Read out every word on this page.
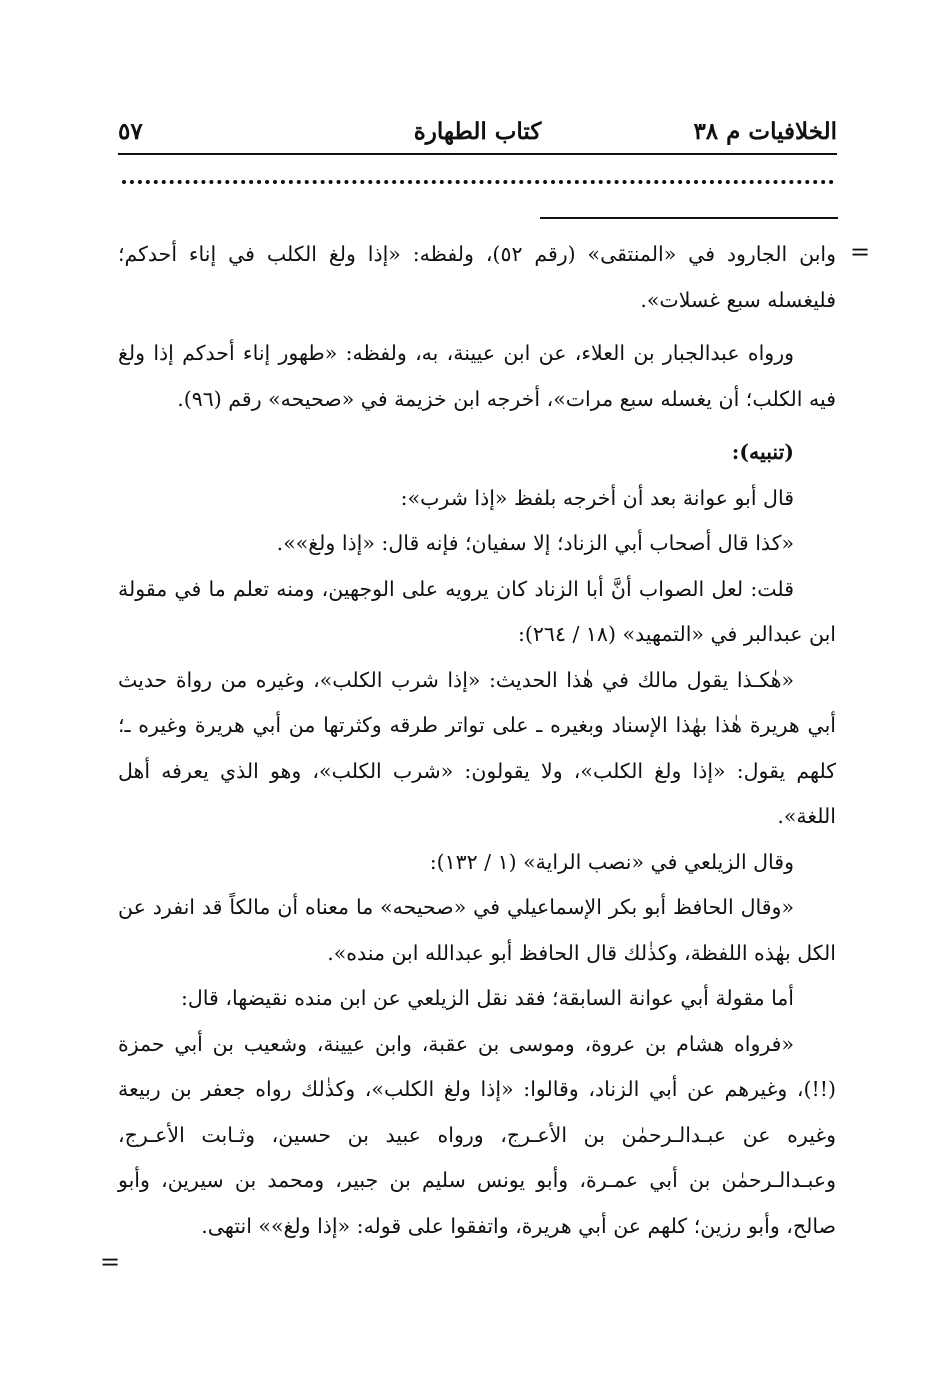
الخلافيات م ٣٨
كتاب الطهارة
٥٧
=

وابن الجارود في «المنتقى» (رقم ٥٢)، ولفظه: «إذا ولغ الكلب في إناء أحدكم؛ فليغسله سبع غسلات».

ورواه عبدالجبار بن العلاء، عن ابن عيينة، به، ولفظه: «طهور إناء أحدكم إذا ولغ فيه الكلب؛ أن يغسله سبع مرات»، أخرجه ابن خزيمة في «صحيحه» رقم (٩٦).

(تنبيه):

قال أبو عوانة بعد أن أخرجه بلفظ «إذا شرب»:

«كذا قال أصحاب أبي الزناد؛ إلا سفيان؛ فإنه قال: «إذا ولغ»».

قلت: لعل الصواب أنَّ أبا الزناد كان يرويه على الوجهين، ومنه تعلم ما في مقولة ابن عبدالبر في «التمهيد» (١٨ / ٢٦٤):

«هٰكـذا يقول مالك في هٰذا الحديث: «إذا شرب الكلب»، وغيره من رواة حديث أبي هريرة هٰذا بهٰذا الإسناد وبغيره ـ على تواتر طرقه وكثرتها من أبي هريرة وغيره ـ؛ كلهم يقول: «إذا ولغ الكلب»، ولا يقولون: «شرب الكلب»، وهو الذي يعرفه أهل اللغة».

وقال الزيلعي في «نصب الراية» (١ / ١٣٢):

«وقال الحافظ أبو بكر الإسماعيلي في «صحيحه» ما معناه أن مالكاً قد انفرد عن الكل بهٰذه اللفظة، وكذٰلك قال الحافظ أبو عبدالله ابن منده».

أما مقولة أبي عوانة السابقة؛ فقد نقل الزيلعي عن ابن منده نقيضها، قال:

«فرواه هشام بن عروة، وموسى بن عقبة، وابن عيينة، وشعيب بن أبي حمزة (!!)، وغيرهم عن أبي الزناد، وقالوا: «إذا ولغ الكلب»، وكذٰلك رواه جعفر بن ربيعة وغيره عن عبـدالـرحمٰن بن الأعـرج، ورواه عبيد بن حسين، وثـابت الأعـرج، وعبـدالـرحمٰن بن أبي عمـرة، وأبو يونس سليم بن جبير، ومحمد بن سيرين، وأبو صالح، وأبو رزين؛ كلهم عن أبي هريرة، واتفقوا على قوله: «إذا ولغ»» انتهى.

=
